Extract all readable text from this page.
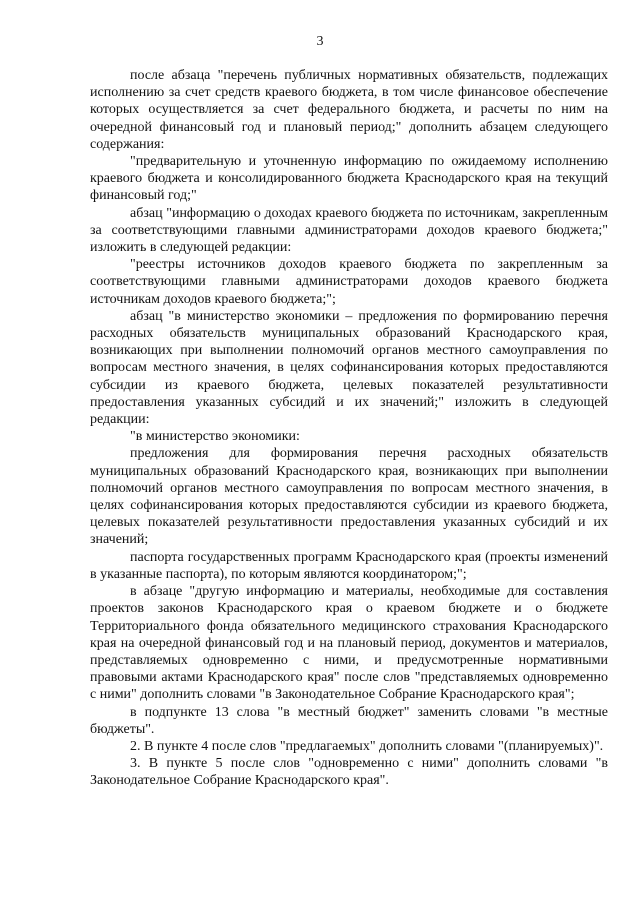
3

после абзаца "перечень публичных нормативных обязательств, подлежащих исполнению за счет средств краевого бюджета, в том числе финансовое обеспечение которых осуществляется за счет федерального бюджета, и расчеты по ним на очередной финансовый год и плановый период;" дополнить абзацем следующего содержания:

"предварительную и уточненную информацию по ожидаемому исполнению краевого бюджета и консолидированного бюджета Краснодарского края на текущий финансовый год;"

абзац "информацию о доходах краевого бюджета по источникам, закрепленным за соответствующими главными администраторами доходов краевого бюджета;" изложить в следующей редакции:

"реестры источников доходов краевого бюджета по закрепленным за соответствующими главными администраторами доходов краевого бюджета источникам доходов краевого бюджета;";

абзац "в министерство экономики – предложения по формированию перечня расходных обязательств муниципальных образований Краснодарского края, возникающих при выполнении полномочий органов местного самоуправления по вопросам местного значения, в целях софинансирования которых предоставляются субсидии из краевого бюджета, целевых показателей результативности предоставления указанных субсидий и их значений;" изложить в следующей редакции:

"в министерство экономики:

предложения для формирования перечня расходных обязательств муниципальных образований Краснодарского края, возникающих при выполнении полномочий органов местного самоуправления по вопросам местного значения, в целях софинансирования которых предоставляются субсидии из краевого бюджета, целевых показателей результативности предоставления указанных субсидий и их значений;

паспорта государственных программ Краснодарского края (проекты изменений в указанные паспорта), по которым являются координатором;";

в абзаце "другую информацию и материалы, необходимые для составления проектов законов Краснодарского края о краевом бюджете и о бюджете Территориального фонда обязательного медицинского страхования Краснодарского края на очередной финансовый год и на плановый период, документов и материалов, представляемых одновременно с ними, и предусмотренные нормативными правовыми актами Краснодарского края" после слов "представляемых одновременно с ними" дополнить словами "в Законодательное Собрание Краснодарского края";

в подпункте 13 слова "в местный бюджет" заменить словами "в местные бюджеты".

2. В пункте 4 после слов "предлагаемых" дополнить словами "(планируемых)".

3. В пункте 5 после слов "одновременно с ними" дополнить словами "в Законодательное Собрание Краснодарского края".
